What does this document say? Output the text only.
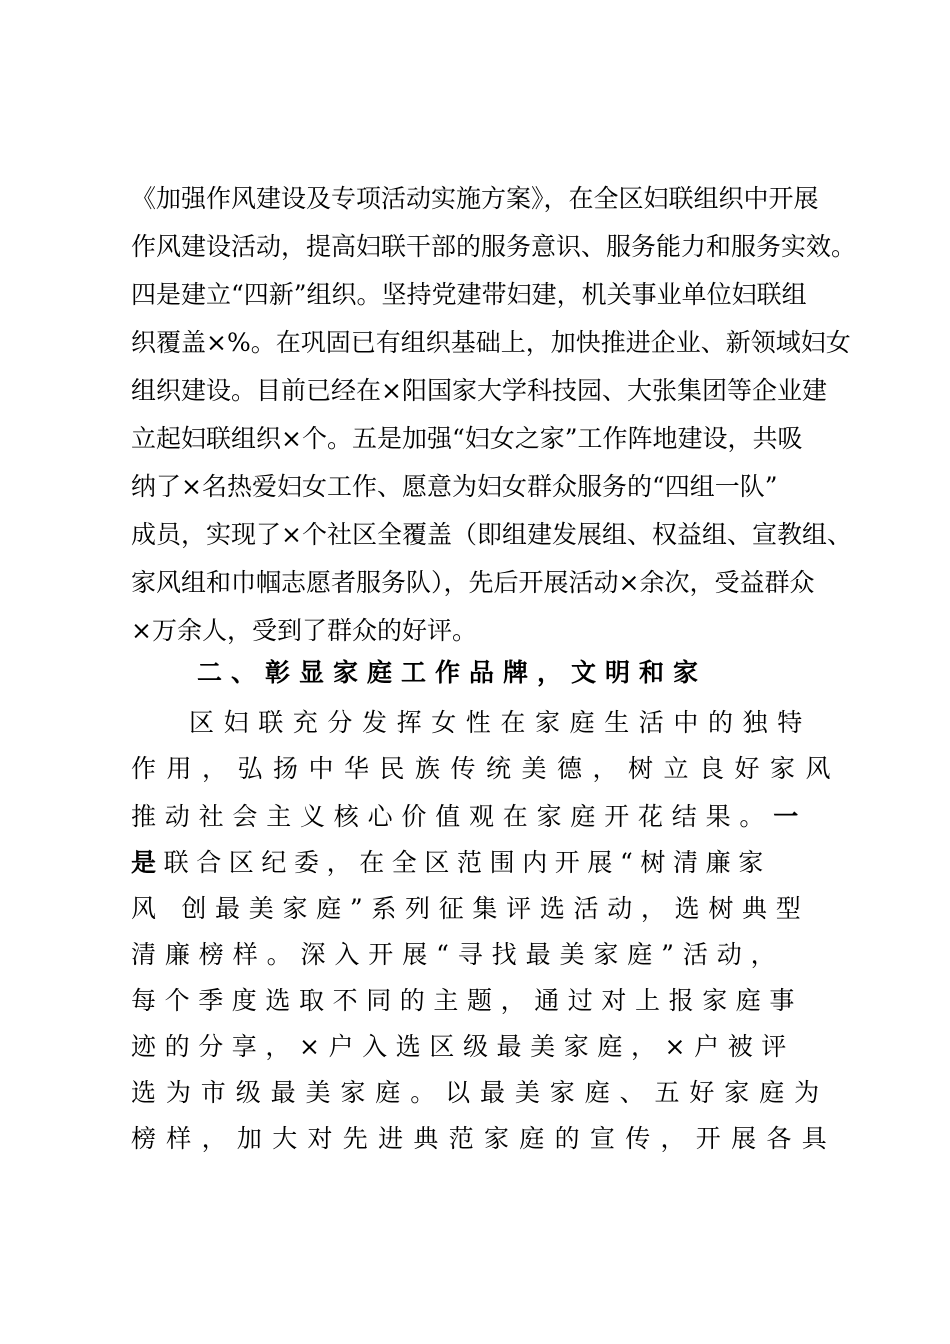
《加强作风建设及专项活动实施方案》，在全区妇联组织中开展
作风建设活动，提高妇联干部的服务意识、服务能力和服务实效。
四是建立“四新”组织。坚持党建带妇建，机关事业单位妇联组
织覆盖×%。在巩固已有组织基础上，加快推进企业、新领域妇女
组织建设。目前已经在×阳国家大学科技园、大张集团等企业建
立起妇联组织×个。五是加强“妇女之家”工作阵地建设，共吸
纳了×名热爱妇女工作、愿意为妇女群众服务的“四组一队”
成员，实现了×个社区全覆盖（即组建发展组、权益组、宣教组、
家风组和巾帼志愿者服务队），先后开展活动×余次，受益群众
×万余人，受到了群众的好评。
二、彰显家庭工作品牌，文明和家
区妇联充分发挥女性在家庭生活中的独特
作用，弘扬中华民族传统美德，树立良好家风
推动社会主义核心价值观在家庭开花结果。一
是联合区纪委，在全区范围内开展“树清廉家
风 创最美家庭”系列征集评选活动，选树典型
清廉榜样。深入开展“寻找最美家庭”活动，
每个季度选取不同的主题，通过对上报家庭事
迹的分享，×户入选区级最美家庭，×户被评
选为市级最美家庭。以最美家庭、五好家庭为
榜样，加大对先进典范家庭的宣传，开展各具
